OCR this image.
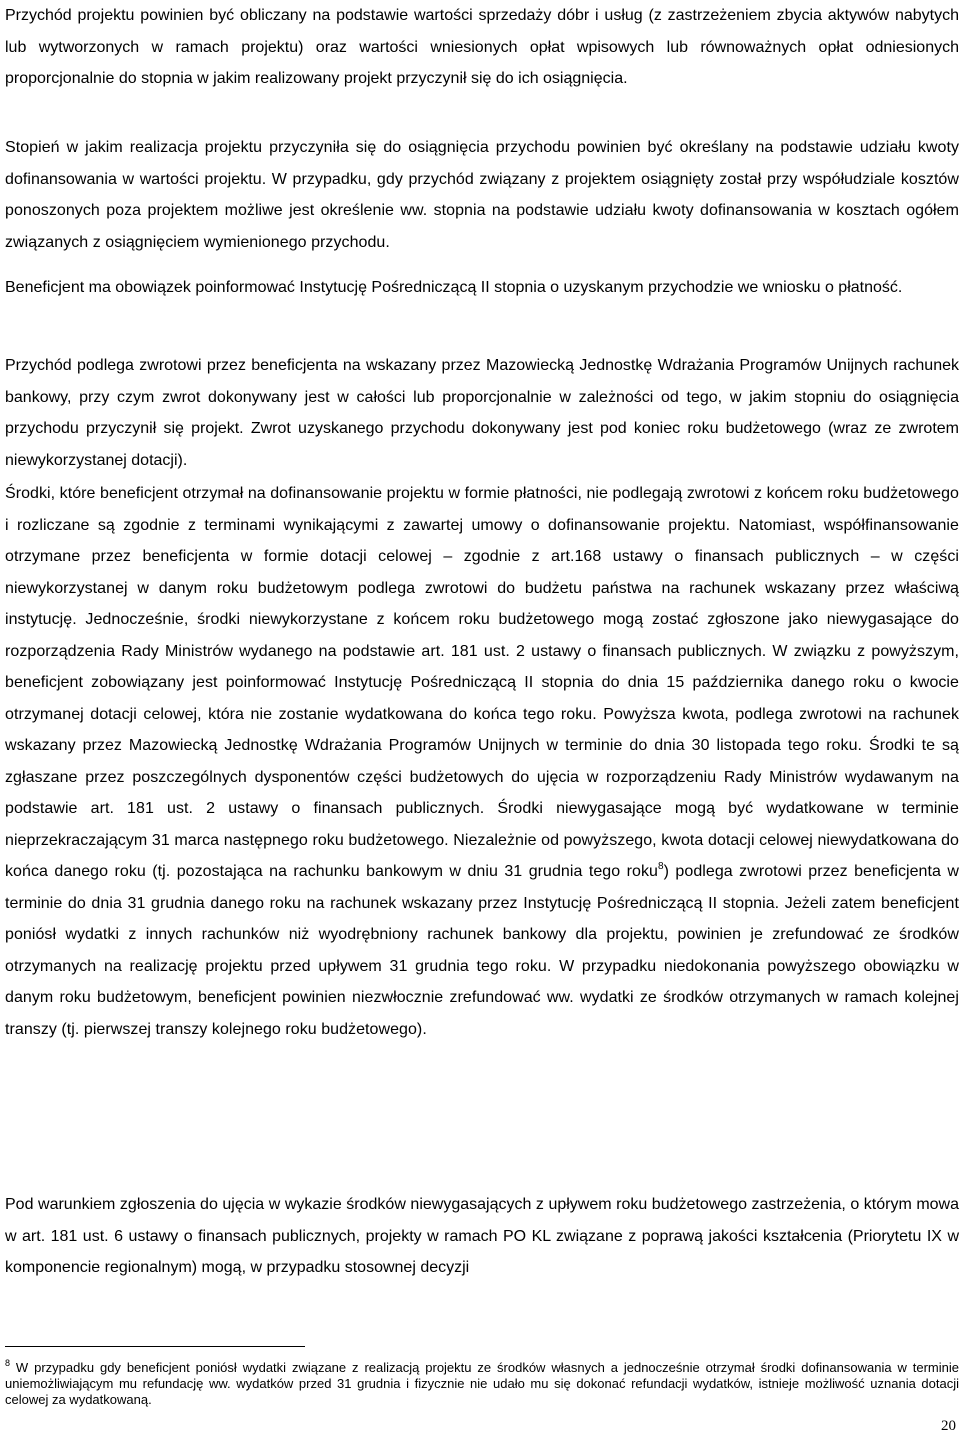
Przychód projektu powinien być obliczany na podstawie wartości sprzedaży dóbr i usług (z zastrzeżeniem zbycia aktywów nabytych lub wytworzonych w ramach projektu) oraz wartości wniesionych opłat wpisowych lub równoważnych opłat odniesionych proporcjonalnie do stopnia w jakim realizowany projekt przyczynił się do ich osiągnięcia.

Stopień w jakim realizacja projektu przyczyniła się do osiągnięcia przychodu powinien być określany na podstawie udziału kwoty dofinansowania w wartości projektu. W przypadku, gdy przychód związany z projektem osiągnięty został przy współudziale kosztów ponoszonych poza projektem możliwe jest określenie ww. stopnia na podstawie udziału kwoty dofinansowania w kosztach ogółem związanych z osiągnięciem wymienionego przychodu.

Beneficjent ma obowiązek poinformować Instytucję Pośredniczącą II stopnia o uzyskanym przychodzie we wniosku o płatność.

Przychód podlega zwrotowi przez beneficjenta na wskazany przez Mazowiecką Jednostkę Wdrażania Programów Unijnych rachunek bankowy, przy czym zwrot dokonywany jest w całości lub proporcjonalnie w zależności od tego, w jakim stopniu do osiągnięcia przychodu przyczynił się projekt. Zwrot uzyskanego przychodu dokonywany jest pod koniec roku budżetowego (wraz ze zwrotem niewykorzystanej dotacji).

Środki, które beneficjent otrzymał na dofinansowanie projektu w formie płatności, nie podlegają zwrotowi z końcem roku budżetowego i rozliczane są zgodnie z terminami wynikającymi z zawartej umowy o dofinansowanie projektu. Natomiast, współfinansowanie otrzymane przez beneficjenta w formie dotacji celowej – zgodnie z art.168 ustawy o finansach publicznych – w części niewykorzystanej w danym roku budżetowym podlega zwrotowi do budżetu państwa na rachunek wskazany przez właściwą instytucję. Jednocześnie, środki niewykorzystane z końcem roku budżetowego mogą zostać zgłoszone jako niewygasające do rozporządzenia Rady Ministrów wydanego na podstawie art. 181 ust. 2 ustawy o finansach publicznych. W związku z powyższym, beneficjent zobowiązany jest poinformować Instytucję Pośredniczącą II stopnia do dnia 15 października danego roku o kwocie otrzymanej dotacji celowej, która nie zostanie wydatkowana do końca tego roku. Powyższa kwota, podlega zwrotowi na rachunek wskazany przez Mazowiecką Jednostkę Wdrażania Programów Unijnych w terminie do dnia 30 listopada tego roku. Środki te są zgłaszane przez poszczególnych dysponentów części budżetowych do ujęcia w rozporządzeniu Rady Ministrów wydawanym na podstawie art. 181 ust. 2 ustawy o finansach publicznych. Środki niewygasające mogą być wydatkowane w terminie nieprzekraczającym 31 marca następnego roku budżetowego. Niezależnie od powyższego, kwota dotacji celowej niewydatkowana do końca danego roku (tj. pozostająca na rachunku bankowym w dniu 31 grudnia tego roku$^8$) podlega zwrotowi przez beneficjenta w terminie do dnia 31 grudnia danego roku na rachunek wskazany przez Instytucję Pośredniczącą II stopnia. Jeżeli zatem beneficjent poniósł wydatki z innych rachunków niż wyodrębniony rachunek bankowy dla projektu, powinien je zrefundować ze środków otrzymanych na realizację projektu przed upływem 31 grudnia tego roku. W przypadku niedokonania powyższego obowiązku w danym roku budżetowym, beneficjent powinien niezwłocznie zrefundować ww. wydatki ze środków otrzymanych w ramach kolejnej transzy (tj. pierwszej transzy kolejnego roku budżetowego).

Pod warunkiem zgłoszenia do ujęcia w wykazie środków niewygasających z upływem roku budżetowego zastrzeżenia, o którym mowa w art. 181 ust. 6 ustawy o finansach publicznych, projekty w ramach PO KL związane z poprawą jakości kształcenia (Priorytetu IX w komponencie regionalnym) mogą, w przypadku stosownej decyzji

$^8$ W przypadku gdy beneficjent poniósł wydatki związane z realizacją projektu ze środków własnych a jednocześnie otrzymał środki dofinansowania w terminie uniemożliwiającym mu refundację ww. wydatków przed 31 grudnia i fizycznie nie udało mu się dokonać refundacji wydatków, istnieje możliwość uznania dotacji celowej za wydatkowaną.

20
